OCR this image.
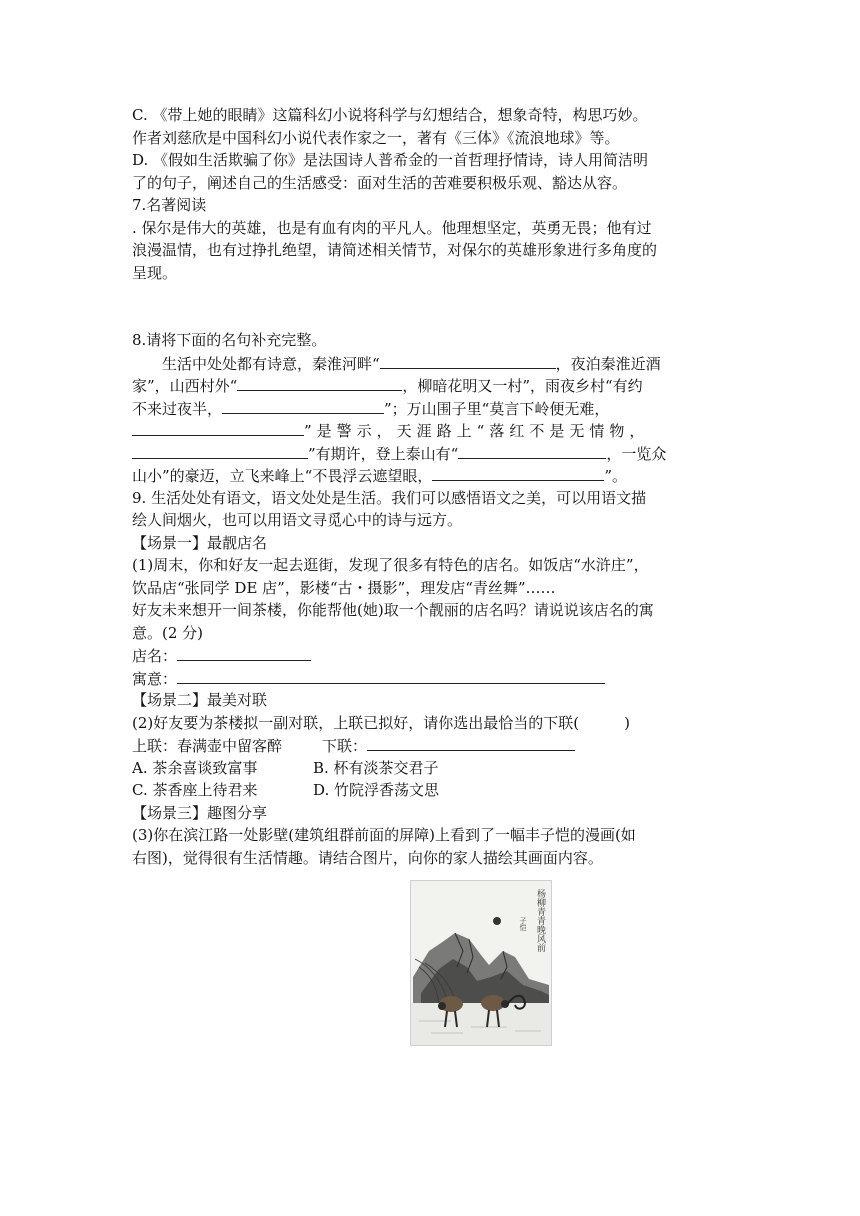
C. 《带上她的眼睛》这篇科幻小说将科学与幻想结合，想象奇特，构思巧妙。
作者刘慈欣是中国科幻小说代表作家之一，著有《三体》《流浪地球》等。
D. 《假如生活欺骗了你》是法国诗人普希金的一首哲理抒情诗，诗人用简洁明
了的句子，阐述自己的生活感受：面对生活的苦难要积极乐观、豁达从容。
7.名著阅读
. 保尔是伟大的英雄，也是有血有肉的平凡人。他理想坚定，英勇无畏；他有过
浪漫温情，也有过挣扎绝望，请简述相关情节，对保尔的英雄形象进行多角度的
呈现。
8.请将下面的名句补充完整。
生活中处处都有诗意，秦淮河畔“	，夜泊秦淮近酒
家”，山西村外“	，柳暗花明又一村”，雨夜乡村“有约
不来过夜半，	”；万山围子里“莫言下岭便无难，
”是警示，天涯路上“落红不是无情物，
”有期许，登上泰山有“	，一览众
山小”的豪迈，立飞来峰上“不畏浮云遮望眼，	”。
9. 生活处处有语文，语文处处是生活。我们可以感悟语文之美，可以用语文描
绘人间烟火，也可以用语文寻觅心中的诗与远方。
【场景一】最靓店名
(1)周末，你和好友一起去逛街，发现了很多有特色的店名。如饭店“水浒庄”，
饮品店“张同学 DE 店”，影楼“古・摄影”，理发店“青丝舞”……
好友未来想开一间茶楼，你能帮他(她)取一个靓丽的店名吗？请说说该店名的寓
意。(2 分)
店名：
寓意：
【场景二】最美对联
(2)好友要为茶楼拟一副对联，上联已拟好，请你选出最恰当的下联(　　　)
上联：春满壶中留客醉	下联：
A. 茶余喜谈致富事	B. 杯有淡茶交君子
C. 茶香座上待君来	D. 竹院浮香荡文思
【场景三】趣图分享
(3)你在滨江路一处影壁(建筑组群前面的屏障)上看到了一幅丰子恺的漫画(如
右图)，觉得很有生活情趣。请结合图片，向你的家人描绘其画面内容。
杨柳青青晚风前
子恺
